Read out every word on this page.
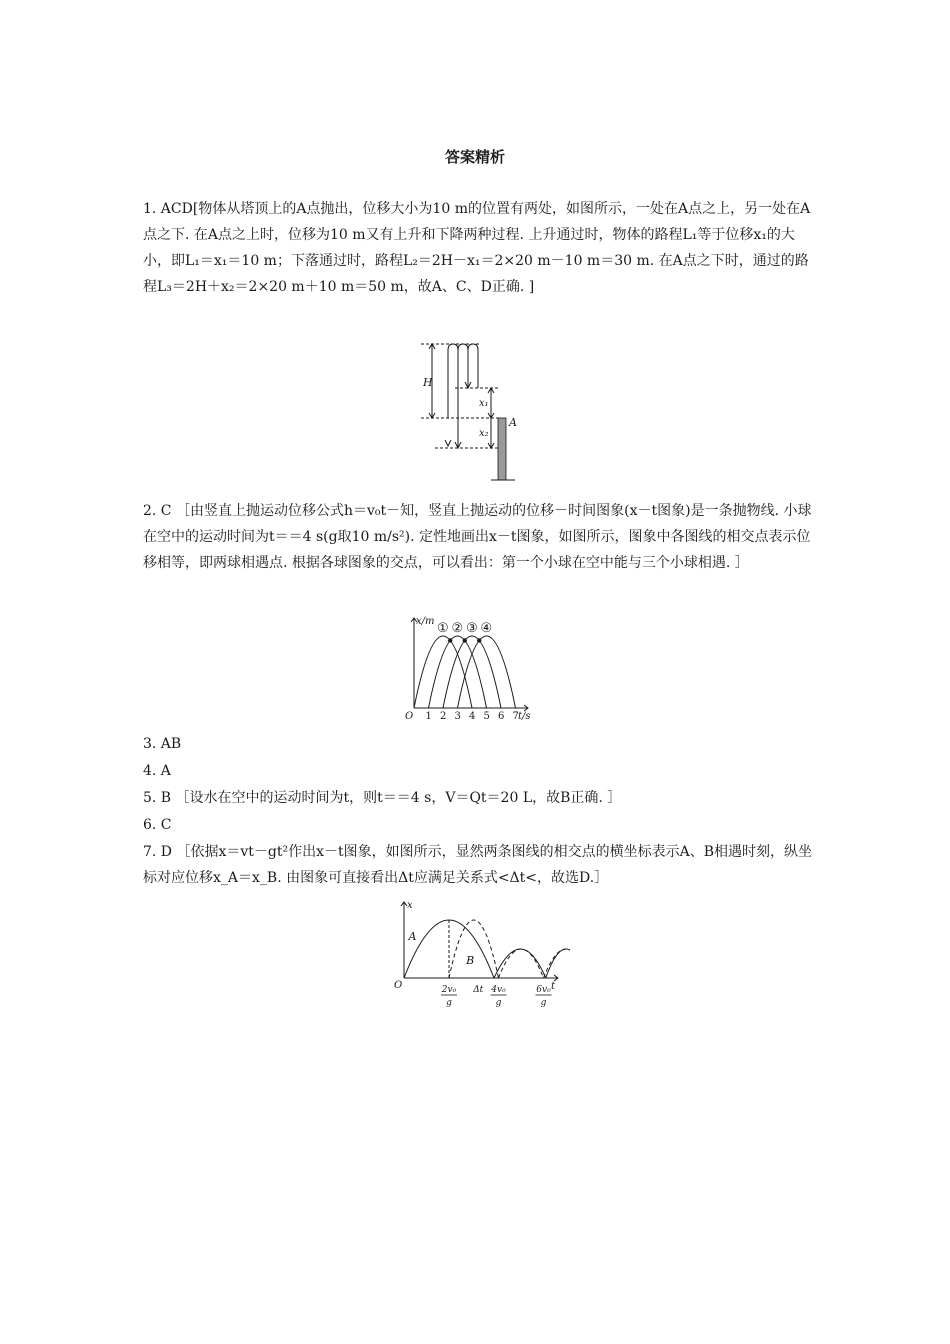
答案精析
1. ACD[物体从塔顶上的A点抛出，位移大小为10 m的位置有两处，如图所示，一处在A点之上，另一处在A点之下. 在A点之上时，位移为10 m又有上升和下降两种过程. 上升通过时，物体的路程L₁等于位移x₁的大小，即L₁＝x₁＝10 m；下落通过时，路程L₂＝2H－x₁＝2×20 m－10 m＝30 m. 在A点之下时，通过的路程L₃＝2H＋x₂＝2×20 m＋10 m＝50 m，故A、C、D正确. ]
H
x₁
x₂
A
2. C ［由竖直上抛运动位移公式h＝v₀t－知，竖直上抛运动的位移－时间图象(x－t图象)是一条抛物线. 小球在空中的运动时间为t＝＝4 s(g取10 m/s²). 定性地画出x－t图象，如图所示，图象中各图线的相交点表示位移相等，即两球相遇点. 根据各球图象的交点，可以看出：第一个小球在空中能与三个小球相遇. ］
① ② ③ ④
1 2 3 4 5 6 7
x/m
t/s
O
3. AB
4. A
5. B ［设水在空中的运动时间为t，则t＝＝4 s，V＝Qt＝20 L，故B正确. ］
6. C
7. D ［依据x＝vt－gt²作出x－t图象，如图所示，显然两条图线的相交点的横坐标表示A、B相遇时刻，纵坐标对应位移x_A＝x_B. 由图象可直接看出Δt应满足关系式<Δt<，故选D.］
A
B
2v₀
g
Δt 4v₀
g
6v₀
g
x
t
O
